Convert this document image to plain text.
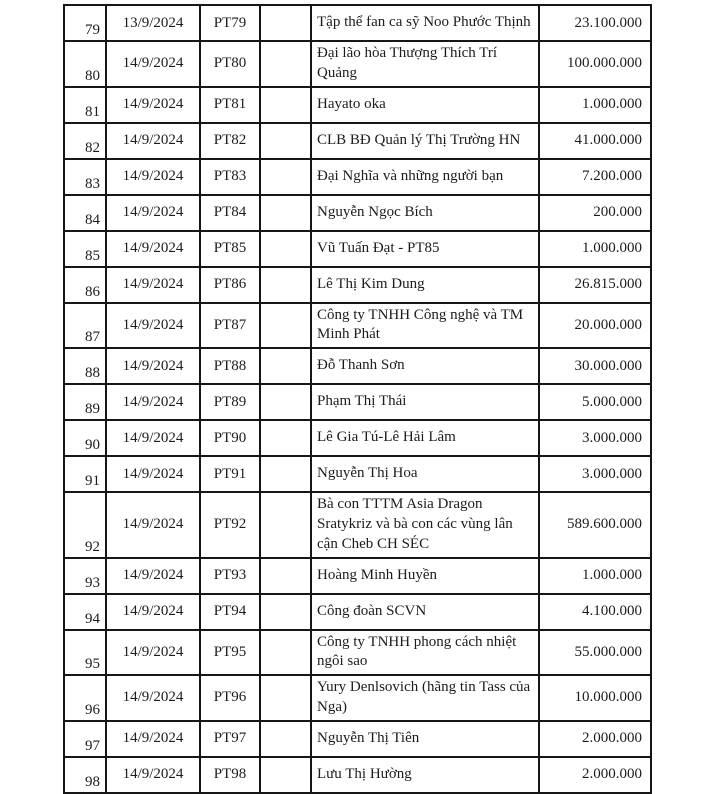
79	13/9/2024	PT79		Tập thể fan ca sỹ Noo Phước Thịnh	23.100.000
80	14/9/2024	PT80		Đại lão hòa Thượng Thích Trí Quảng	100.000.000
81	14/9/2024	PT81		Hayato oka	1.000.000
82	14/9/2024	PT82		CLB BĐ Quản lý Thị Trường HN	41.000.000
83	14/9/2024	PT83		Đại Nghĩa và những người bạn	7.200.000
84	14/9/2024	PT84		Nguyễn Ngọc Bích	200.000
85	14/9/2024	PT85		Vũ Tuấn Đạt - PT85	1.000.000
86	14/9/2024	PT86		Lê Thị Kim Dung	26.815.000
87	14/9/2024	PT87		Công ty TNHH Công nghệ và TM Minh Phát	20.000.000
88	14/9/2024	PT88		Đỗ Thanh Sơn	30.000.000
89	14/9/2024	PT89		Phạm Thị Thái	5.000.000
90	14/9/2024	PT90		Lê Gia Tú-Lê Hải Lâm	3.000.000
91	14/9/2024	PT91		Nguyễn Thị Hoa	3.000.000
92	14/9/2024	PT92		Bà con TTTM Asia Dragon Sratykriz và bà con các vùng lân cận Cheb CH SÉC	589.600.000
93	14/9/2024	PT93		Hoàng Minh Huyền	1.000.000
94	14/9/2024	PT94		Công đoàn SCVN	4.100.000
95	14/9/2024	PT95		Công ty TNHH phong cách nhiệt ngôi sao	55.000.000
96	14/9/2024	PT96		Yury Denlsovich (hãng tin Tass của Nga)	10.000.000
97	14/9/2024	PT97		Nguyễn Thị Tiên	2.000.000
98	14/9/2024	PT98		Lưu Thị Hường	2.000.000
